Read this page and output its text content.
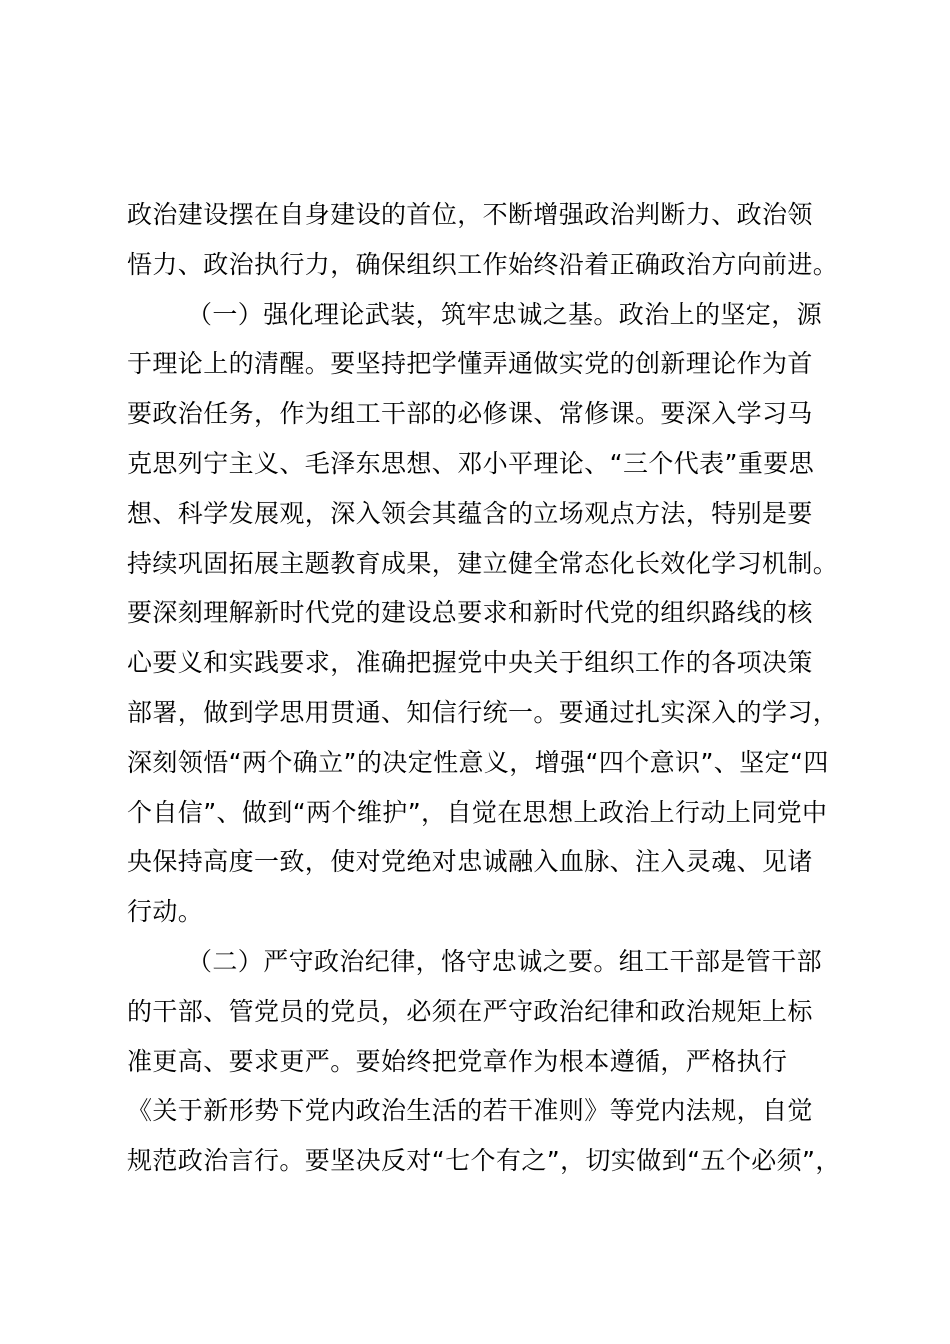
政治建设摆在自身建设的首位，不断增强政治判断力、政治领
悟力、政治执行力，确保组织工作始终沿着正确政治方向前进。
（一）强化理论武装，筑牢忠诚之基。政治上的坚定，源
于理论上的清醒。要坚持把学懂弄通做实党的创新理论作为首
要政治任务，作为组工干部的必修课、常修课。要深入学习马
克思列宁主义、毛泽东思想、邓小平理论、“三个代表”重要思
想、科学发展观，深入领会其蕴含的立场观点方法，特别是要
持续巩固拓展主题教育成果，建立健全常态化长效化学习机制。
要深刻理解新时代党的建设总要求和新时代党的组织路线的核
心要义和实践要求，准确把握党中央关于组织工作的各项决策
部署，做到学思用贯通、知信行统一。要通过扎实深入的学习，
深刻领悟“两个确立”的决定性意义，增强“四个意识”、坚定“四
个自信”、做到“两个维护”，自觉在思想上政治上行动上同党中
央保持高度一致，使对党绝对忠诚融入血脉、注入灵魂、见诸
行动。
（二）严守政治纪律，恪守忠诚之要。组工干部是管干部
的干部、管党员的党员，必须在严守政治纪律和政治规矩上标
准更高、要求更严。要始终把党章作为根本遵循，严格执行
《关于新形势下党内政治生活的若干准则》等党内法规，自觉
规范政治言行。要坚决反对“七个有之”，切实做到“五个必须”，
